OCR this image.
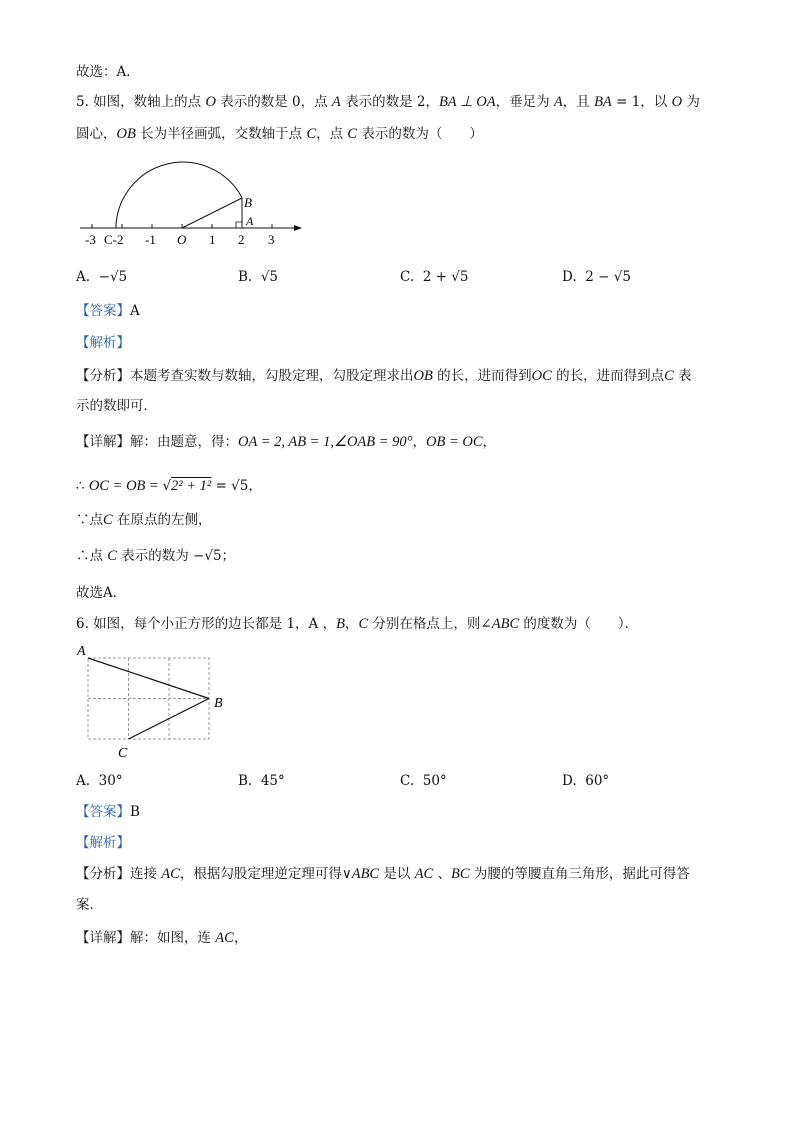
故选：A．
5. 如图，数轴上的点 O 表示的数是 0，点 A 表示的数是 2，BA ⊥ OA，垂足为 A，且 BA = 1，以 O 为
圆心，OB 长为半径画弧，交数轴于点 C，点 C 表示的数为（　　）
-3 C-2 -1 O 1 2 3
B
A
A. −√5	B. √5	C. 2 + √5	D. 2 − √5
【答案】A
【解析】
【分析】本题考查实数与数轴，勾股定理，勾股定理求出OB 的长，进而得到OC 的长，进而得到点C 表
示的数即可．
【详解】解：由题意，得：OA = 2, AB = 1,∠OAB = 90°，OB = OC，
∴ OC = OB = √2² + 1² = √5，
∵点C 在原点的左侧，
∴点 C 表示的数为 −√5；
故选A．
6. 如图，每个小正方形的边长都是 1，A ，B，C 分别在格点上，则∠ABC 的度数为（　　）．
A
B
C
A. 30°	B. 45°	C. 50°	D. 60°
【答案】B
【解析】
【分析】连接 AC，根据勾股定理逆定理可得∨ABC 是以 AC 、BC 为腰的等腰直角三角形，据此可得答
案．
【详解】解：如图，连 AC，
